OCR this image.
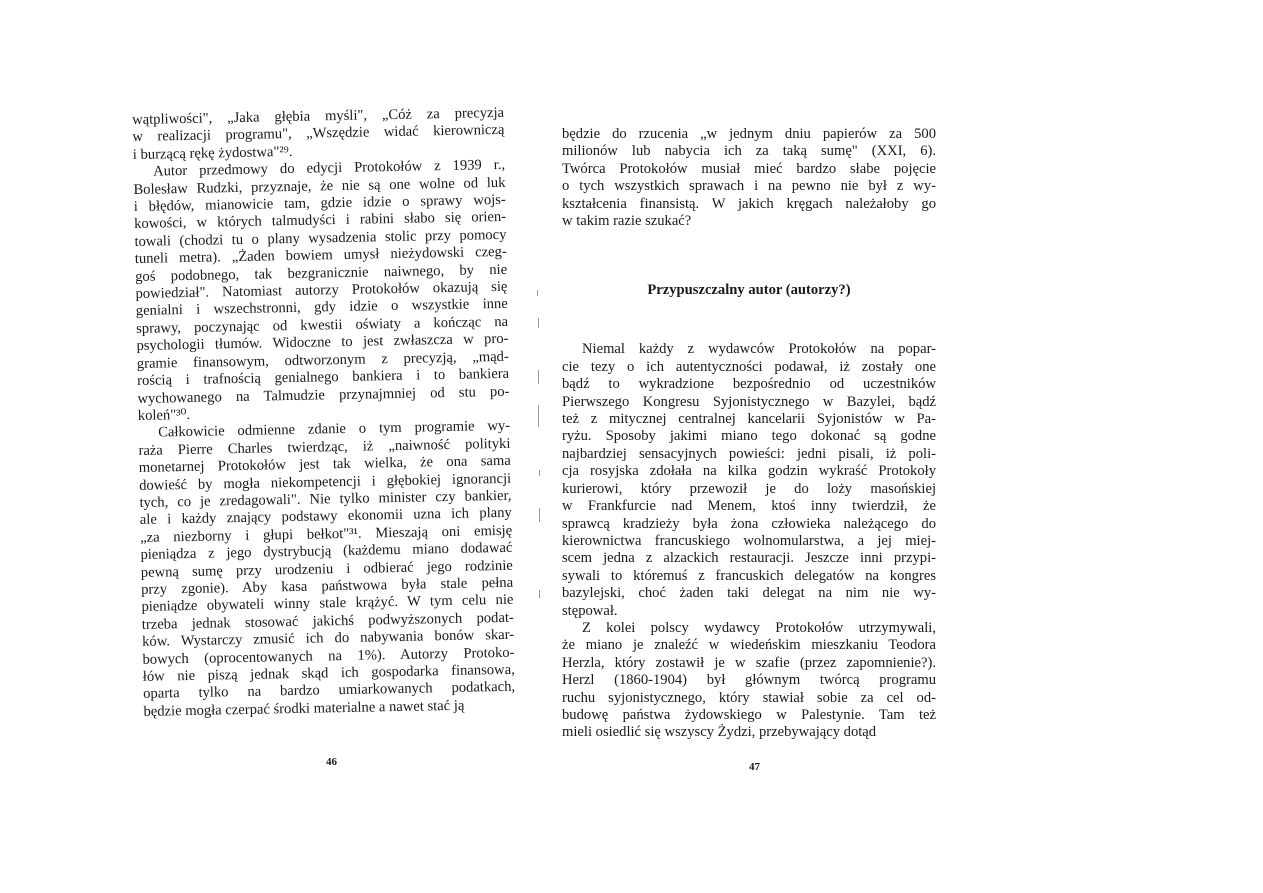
wątpliwości", „Jaka głębia myśli", „Cóż za precyzja
w realizacji programu", „Wszędzie widać kierowniczą
i burzącą rękę żydostwa"²⁹.
Autor przedmowy do edycji Protokołów z 1939 r.,
Bolesław Rudzki, przyznaje, że nie są one wolne od luk
i błędów, mianowicie tam, gdzie idzie o sprawy wojs-
kowości, w których talmudyści i rabini słabo się orien-
towali (chodzi tu o plany wysadzenia stolic przy pomocy
tuneli metra). „Żaden bowiem umysł nieżydowski czeg-
goś podobnego, tak bezgranicznie naiwnego, by nie
powiedział". Natomiast autorzy Protokołów okazują się
genialni i wszechstronni, gdy idzie o wszystkie inne
sprawy, poczynając od kwestii oświaty a kończąc na
psychologii tłumów. Widoczne to jest zwłaszcza w pro-
gramie finansowym, odtworzonym z precyzją, „mąd-
rością i trafnością genialnego bankiera i to bankiera
wychowanego na Talmudzie przynajmniej od stu po-
koleń"³⁰.
Całkowicie odmienne zdanie o tym programie wy-
raża Pierre Charles twierdząc, iż „naiwność polityki
monetarnej Protokołów jest tak wielka, że ona sama
dowieść by mogła niekompetencji i głębokiej ignorancji
tych, co je zredagowali". Nie tylko minister czy bankier,
ale i każdy znający podstawy ekonomii uzna ich plany
„za niezborny i głupi bełkot"³¹. Mieszają oni emisję
pieniądza z jego dystrybucją (każdemu miano dodawać
pewną sumę przy urodzeniu i odbierać jego rodzinie
przy zgonie). Aby kasa państwowa była stale pełna
pieniądze obywateli winny stale krążyć. W tym celu nie
trzeba jednak stosować jakichś podwyższonych podat-
ków. Wystarczy zmusić ich do nabywania bonów skar-
bowych (oprocentowanych na 1%). Autorzy Protoko-
łów nie piszą jednak skąd ich gospodarka finansowa,
oparta tylko na bardzo umiarkowanych podatkach,
będzie mogła czerpać środki materialne a nawet stać ją
46
będzie do rzucenia „w jednym dniu papierów za 500
milionów lub nabycia ich za taką sumę" (XXI, 6).
Twórca Protokołów musiał mieć bardzo słabe pojęcie
o tych wszystkich sprawach i na pewno nie był z wy-
kształcenia finansistą. W jakich kręgach należałoby go
w takim razie szukać?
Przypuszczalny autor (autorzy?)
Niemal każdy z wydawców Protokołów na popar-
cie tezy o ich autentyczności podawał, iż zostały one
bądź to wykradzione bezpośrednio od uczestników
Pierwszego Kongresu Syjonistycznego w Bazylei, bądź
też z mitycznej centralnej kancelarii Syjonistów w Pa-
ryżu. Sposoby jakimi miano tego dokonać są godne
najbardziej sensacyjnych powieści: jedni pisali, iż poli-
cja rosyjska zdołała na kilka godzin wykraść Protokoły
kurierowi, który przewoził je do loży masońskiej
w Frankfurcie nad Menem, ktoś inny twierdził, że
sprawcą kradzieży była żona człowieka należącego do
kierownictwa francuskiego wolnomularstwa, a jej miej-
scem jedna z alzackich restauracji. Jeszcze inni przypi-
sywali to któremuś z francuskich delegatów na kongres
bazylejski, choć żaden taki delegat na nim nie wy-
stępował.
Z kolei polscy wydawcy Protokołów utrzymywali,
że miano je znaleźć w wiedeńskim mieszkaniu Teodora
Herzla, który zostawił je w szafie (przez zapomnienie?).
Herzl (1860-1904) był głównym twórcą programu
ruchu syjonistycznego, który stawiał sobie za cel od-
budowę państwa żydowskiego w Palestynie. Tam też
mieli osiedlić się wszyscy Żydzi, przebywający dotąd
47
